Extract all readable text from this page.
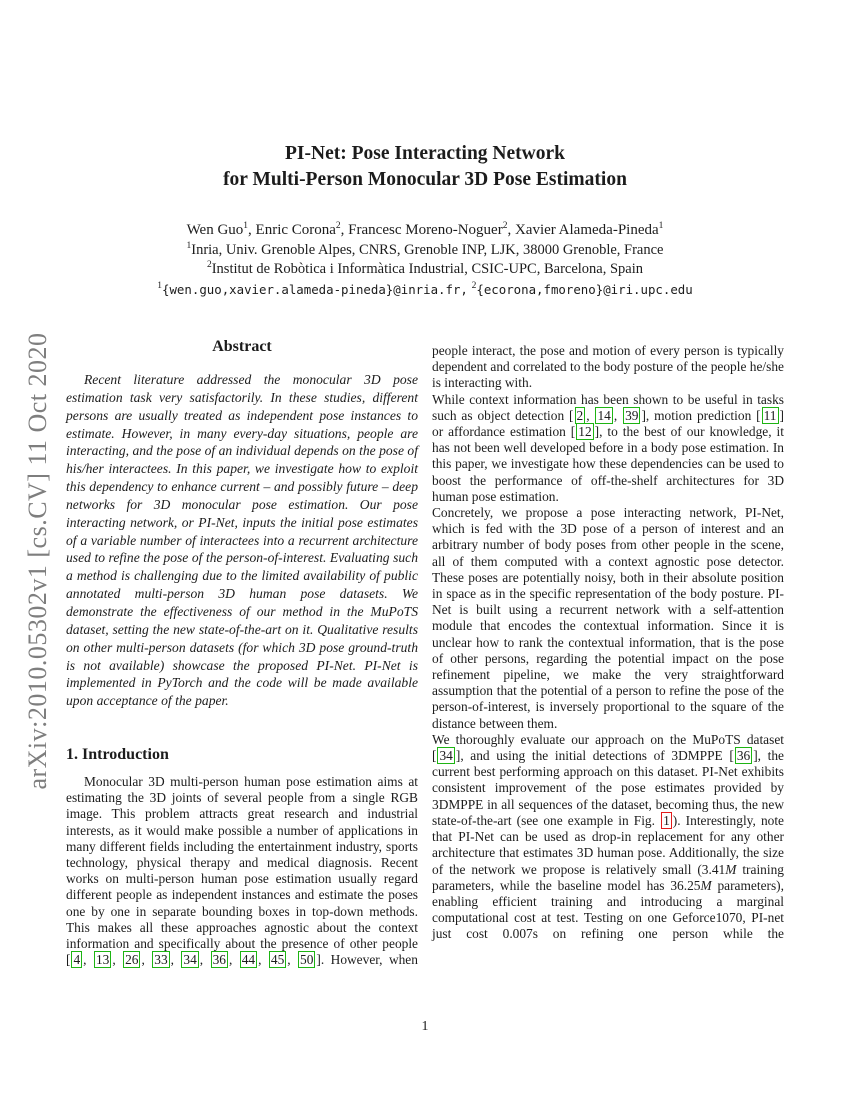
arXiv:2010.05302v1 [cs.CV] 11 Oct 2020
PI-Net: Pose Interacting Network
for Multi-Person Monocular 3D Pose Estimation
Wen Guo$^1$, Enric Corona$^2$, Francesc Moreno-Noguer$^2$, Xavier Alameda-Pineda$^1$
$^1$Inria, Univ. Grenoble Alpes, CNRS, Grenoble INP, LJK, 38000 Grenoble, France
$^2$Institut de Robòtica i Informàtica Industrial, CSIC-UPC, Barcelona, Spain
$^1${wen.guo,xavier.alameda-pineda}@inria.fr, $^2${ecorona,fmoreno}@iri.upc.edu
Abstract
Recent literature addressed the monocular 3D pose estimation task very satisfactorily. In these studies, different persons are usually treated as independent pose instances to estimate. However, in many every-day situations, people are interacting, and the pose of an individual depends on the pose of his/her interactees. In this paper, we investigate how to exploit this dependency to enhance current – and possibly future – deep networks for 3D monocular pose estimation. Our pose interacting network, or PI-Net, inputs the initial pose estimates of a variable number of interactees into a recurrent architecture used to refine the pose of the person-of-interest. Evaluating such a method is challenging due to the limited availability of public annotated multi-person 3D human pose datasets. We demonstrate the effectiveness of our method in the MuPoTS dataset, setting the new state-of-the-art on it. Qualitative results on other multi-person datasets (for which 3D pose ground-truth is not available) showcase the proposed PI-Net. PI-Net is implemented in PyTorch and the code will be made available upon acceptance of the paper.
1. Introduction
Monocular 3D multi-person human pose estimation aims at estimating the 3D joints of several people from a single RGB image. This problem attracts great research and industrial interests, as it would make possible a number of applications in many different fields including the entertainment industry, sports technology, physical therapy and medical diagnosis. Recent works on multi-person human pose estimation usually regard different people as independent instances and estimate the poses one by one in separate bounding boxes in top-down methods. This makes all these approaches agnostic about the context information and specifically about the presence of other people [ 4 , 13 , 26 , 33 , 34 , 36 , 44 , 45 , 50 ]. However, when

people interact, the pose and motion of every person is typically dependent and correlated to the body posture of the people he/she is interacting with.

While context information has been shown to be useful in tasks such as object detection [ 2 , 14 , 39 ], motion prediction [ 11 ] or affordance estimation [ 12 ], to the best of our knowledge, it has not been well developed before in a body pose estimation. In this paper, we investigate how these dependencies can be used to boost the performance of off-the-shelf architectures for 3D human pose estimation.

Concretely, we propose a pose interacting network, PI-Net, which is fed with the 3D pose of a person of interest and an arbitrary number of body poses from other people in the scene, all of them computed with a context agnostic pose detector. These poses are potentially noisy, both in their absolute position in space as in the specific representation of the body posture. PI-Net is built using a recurrent network with a self-attention module that encodes the contextual information. Since it is unclear how to rank the contextual information, that is the pose of other persons, regarding the potential impact on the pose refinement pipeline, we make the very straightforward assumption that the potential of a person to refine the pose of the person-of-interest, is inversely proportional to the square of the distance between them.

We thoroughly evaluate our approach on the MuPoTS dataset [ 34 ], and using the initial detections of 3DMPPE [ 36 ], the current best performing approach on this dataset. PI-Net exhibits consistent improvement of the pose estimates provided by 3DMPPE in all sequences of the dataset, becoming thus, the new state-of-the-art (see one example in Fig. 1 ). Interestingly, note that PI-Net can be used as drop-in replacement for any other architecture that estimates 3D human pose. Additionally, the size of the network we propose is relatively small (3.41M training parameters, while the baseline model has 36.25M parameters), enabling efficient training and introducing a marginal computational cost at test. Testing on one Geforce1070, PI-net just cost 0.007s on refining one person while the

1
